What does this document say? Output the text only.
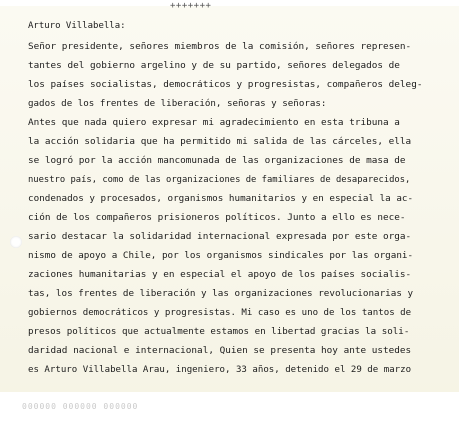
+++++++
Arturo Villabella:
Señor presidente, señores miembros de la comisión, señores represen-
tantes del gobierno argelino y de su partido, señores delegados de
los países socialistas, democráticos y progresistas, compañeros deleg-
gados de los frentes de liberación, señoras y señoras:
Antes que nada quiero expresar mi agradecimiento en esta tribuna a
la acción solidaria que ha permitido mi salida de las cárceles, ella
se logró por la acción mancomunada de las organizaciones de masa de
nuestro país, como de las organizaciones de familiares de desaparecidos,
condenados y procesados, organismos humanitarios y en especial la ac-
ción de los compañeros prisioneros políticos. Junto a ello es nece-
sario destacar la solidaridad internacional expresada por este orga-
nismo de apoyo a Chile, por los organismos sindicales por las organi-
zaciones humanitarias y en especial el apoyo de los países socialis-
tas, los frentes de liberación y las organizaciones revolucionarias y
gobiernos democráticos y progresistas. Mi caso es uno de los tantos de
presos políticos que actualmente estamos en libertad gracias la soli-
daridad nacional e internacional, Quien se presenta hoy ante ustedes
es Arturo Villabella Arau, ingeniero, 33 años, detenido el 29 de marzo
000000 000000 000000
